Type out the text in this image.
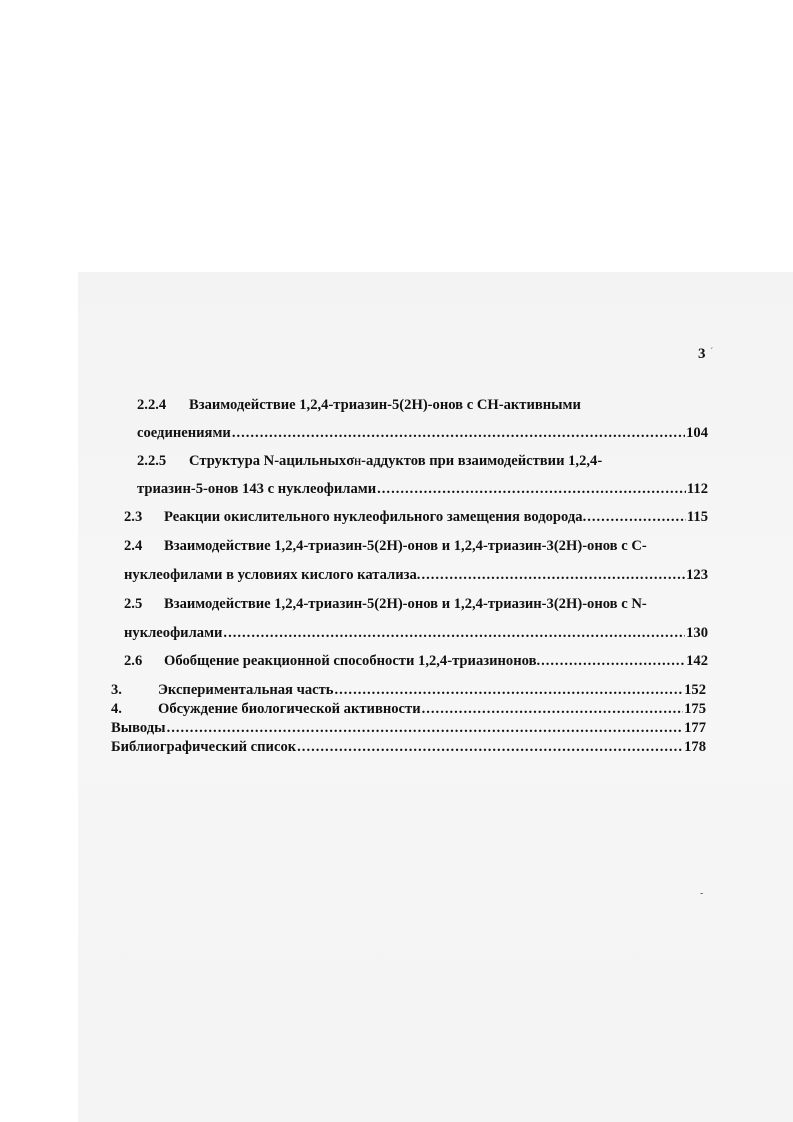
3 ´
-
2.2.4	Взаимодействие 1,2,4-триазин-5(2Н)-онов с СН-активными
соединениями .....	104
2.2.5	Структура N-ацильных σ H -аддуктов при взаимодействии 1,2,4-
триазин-5-онов 143 с нуклеофилами .....	112
2.3	Реакции окислительного нуклеофильного замещения водорода. .....	115
2.4	Взаимодействие 1,2,4-триазин-5(2Н)-онов и 1,2,4-триазин-3(2Н)-онов с С-
нуклеофилами в условиях кислого катализа. .....	123
2.5	Взаимодействие 1,2,4-триазин-5(2Н)-онов и 1,2,4-триазин-3(2Н)-онов с N-
нуклеофилами .....	130
2.6	Обобщение реакционной способности 1,2,4-триазинонов. .....	142
3.	Экспериментальная часть .....	152
4.	Обсуждение биологической активности .....	175
Выводы .....	177
Библиографический список .....	178
